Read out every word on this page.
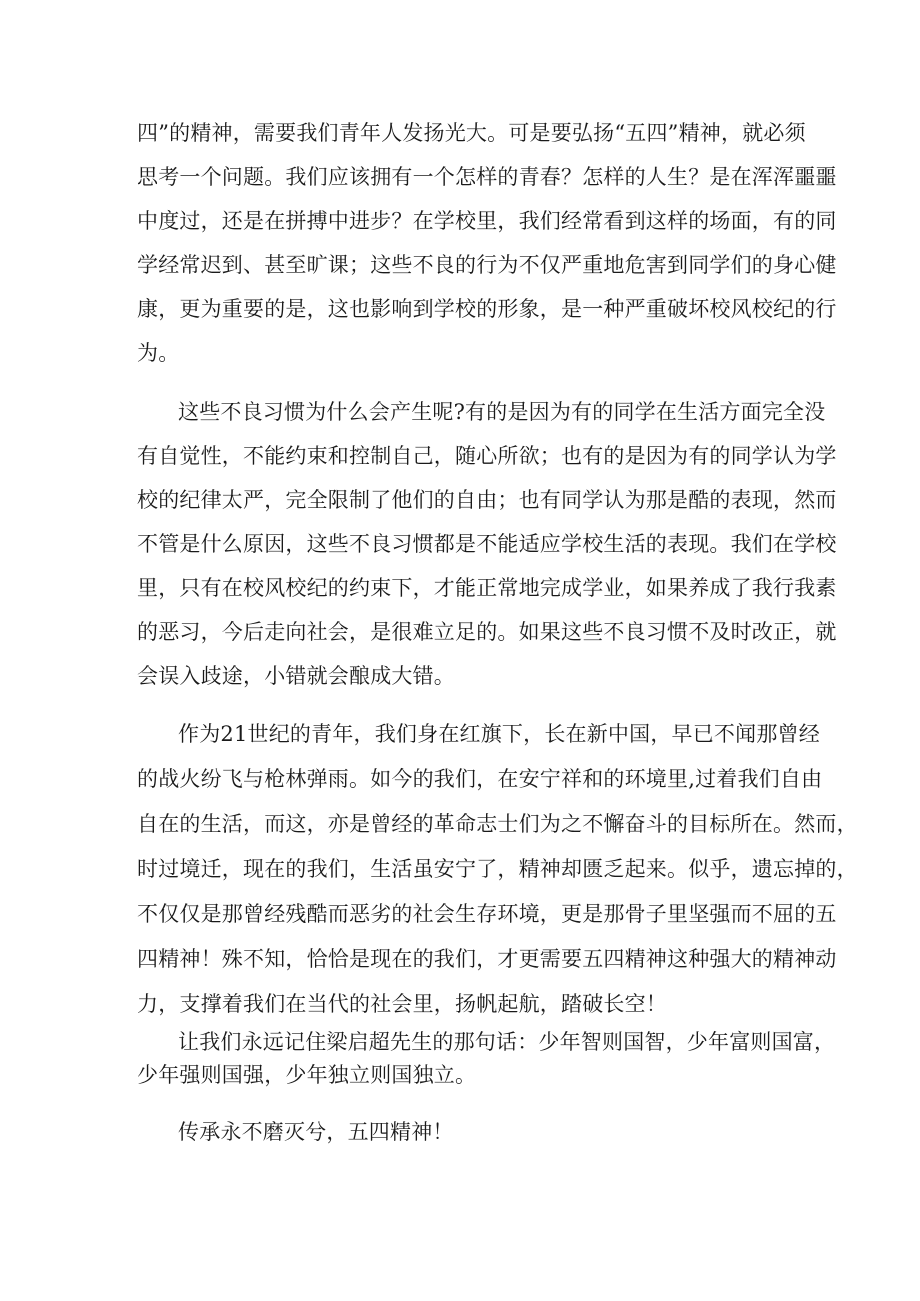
四”的精神，需要我们青年人发扬光大。可是要弘扬“五四”精神，就必须
思考一个问题。我们应该拥有一个怎样的青春？怎样的人生？是在浑浑噩噩
中度过，还是在拼搏中进步？在学校里，我们经常看到这样的场面，有的同
学经常迟到、甚至旷课；这些不良的行为不仅严重地危害到同学们的身心健
康，更为重要的是，这也影响到学校的形象，是一种严重破坏校风校纪的行
为。
这些不良习惯为什么会产生呢?有的是因为有的同学在生活方面完全没
有自觉性，不能约束和控制自己，随心所欲；也有的是因为有的同学认为学
校的纪律太严，完全限制了他们的自由；也有同学认为那是酷的表现，然而
不管是什么原因，这些不良习惯都是不能适应学校生活的表现。我们在学校
里，只有在校风校纪的约束下，才能正常地完成学业，如果养成了我行我素
的恶习，今后走向社会，是很难立足的。如果这些不良习惯不及时改正，就
会误入歧途，小错就会酿成大错。
作为21世纪的青年，我们身在红旗下，长在新中国，早已不闻那曾经
的战火纷飞与枪林弹雨。如今的我们，在安宁祥和的环境里,过着我们自由
自在的生活，而这，亦是曾经的革命志士们为之不懈奋斗的目标所在。然而，
时过境迁，现在的我们，生活虽安宁了，精神却匮乏起来。似乎，遗忘掉的，
不仅仅是那曾经残酷而恶劣的社会生存环境，更是那骨子里坚强而不屈的五
四精神！殊不知，恰恰是现在的我们，才更需要五四精神这种强大的精神动
力，支撑着我们在当代的社会里，扬帆起航，踏破长空！
让我们永远记住梁启超先生的那句话：少年智则国智，少年富则国富，
少年强则国强，少年独立则国独立。
传承永不磨灭兮，五四精神！
